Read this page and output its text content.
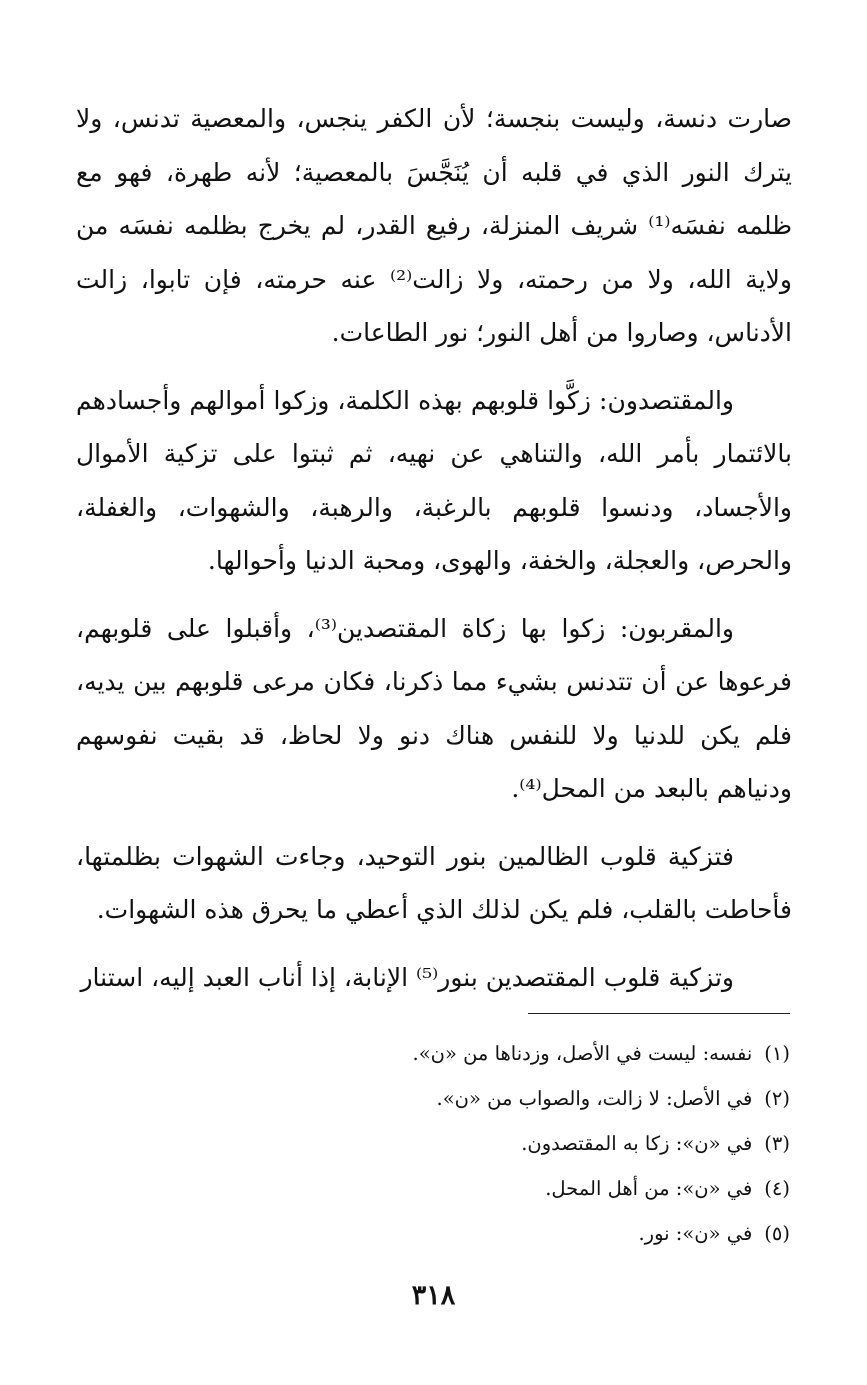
صارت دنسة، وليست بنجسة؛ لأن الكفر ينجس، والمعصية تدنس، ولا يترك النور الذي في قلبه أن يُنَجَّسَ بالمعصية؛ لأنه طهرة، فهو مع ظلمه نفسَه⁽¹⁾ شريف المنزلة، رفيع القدر، لم يخرج بظلمه نفسَه من ولاية الله، ولا من رحمته، ولا زالت⁽²⁾ عنه حرمته، فإن تابوا، زالت الأدناس، وصاروا من أهل النور؛ نور الطاعات.

والمقتصدون: زكَّوا قلوبهم بهذه الكلمة، وزكوا أموالهم وأجسادهم بالائتمار بأمر الله، والتناهي عن نهيه، ثم ثبتوا على تزكية الأموال والأجساد، ودنسوا قلوبهم بالرغبة، والرهبة، والشهوات، والغفلة، والحرص، والعجلة، والخفة، والهوى، ومحبة الدنيا وأحوالها.

والمقربون: زكوا بها زكاة المقتصدين⁽³⁾، وأقبلوا على قلوبهم، فرعوها عن أن تتدنس بشيء مما ذكرنا، فكان مرعى قلوبهم بين يديه، فلم يكن للدنيا ولا للنفس هناك دنو ولا لحاظ، قد بقيت نفوسهم ودنياهم بالبعد من المحل⁽⁴⁾.

فتزكية قلوب الظالمين بنور التوحيد، وجاءت الشهوات بظلمتها، فأحاطت بالقلب، فلم يكن لذلك الذي أعطي ما يحرق هذه الشهوات.

وتزكية قلوب المقتصدين بنور⁽⁵⁾ الإنابة، إذا أناب العبد إليه، استنار

(١)نفسه: ليست في الأصل، وزدناها من «ن».
(٢)في الأصل: لا زالت، والصواب من «ن».
(٣)في «ن»: زكا به المقتصدون.
(٤)في «ن»: من أهل المحل.
(٥)في «ن»: نور.
٣١٨
